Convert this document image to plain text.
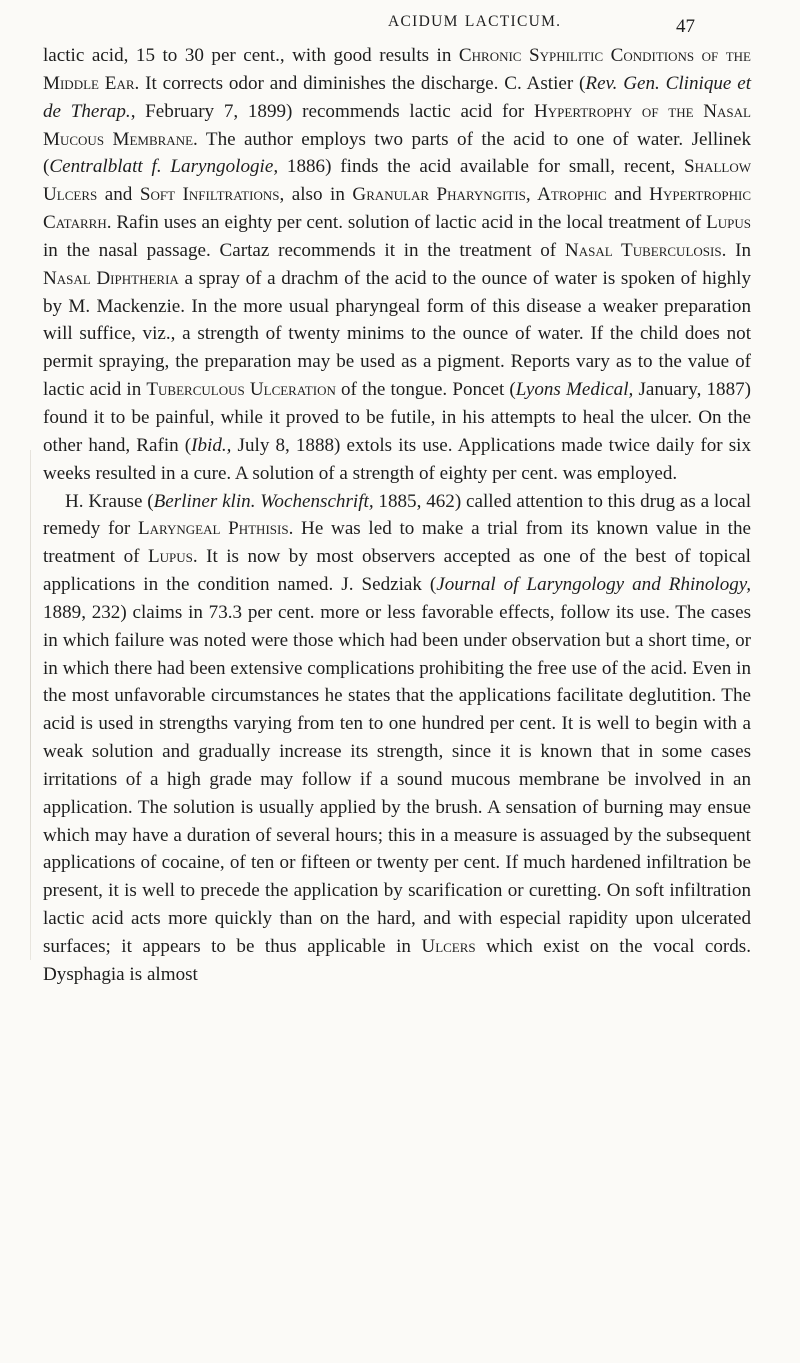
ACIDUM LACTICUM.	47

lactic acid, 15 to 30 per cent., with good results in Chronic Syphilitic Conditions of the Middle Ear. It corrects odor and diminishes the discharge. C. Astier (Rev. Gen. Clinique et de Therap., February 7, 1899) recommends lactic acid for Hypertrophy of the Nasal Mucous Membrane. The author employs two parts of the acid to one of water. Jellinek (Centralblatt f. Laryngologie, 1886) finds the acid available for small, recent, Shallow Ulcers and Soft Infiltrations, also in Granular Pharyngitis, Atrophic and Hypertrophic Catarrh. Rafin uses an eighty per cent. solution of lactic acid in the local treatment of Lupus in the nasal passage. Cartaz recommends it in the treatment of Nasal Tuberculosis. In Nasal Diphtheria a spray of a drachm of the acid to the ounce of water is spoken of highly by M. Mackenzie. In the more usual pharyngeal form of this disease a weaker preparation will suffice, viz., a strength of twenty minims to the ounce of water. If the child does not permit spraying, the preparation may be used as a pigment. Reports vary as to the value of lactic acid in Tuberculous Ulceration of the tongue. Poncet (Lyons Medical, January, 1887) found it to be painful, while it proved to be futile, in his attempts to heal the ulcer. On the other hand, Rafin (Ibid., July 8, 1888) extols its use. Applications made twice daily for six weeks resulted in a cure. A solution of a strength of eighty per cent. was employed.

H. Krause (Berliner klin. Wochenschrift, 1885, 462) called attention to this drug as a local remedy for Laryngeal Phthisis. He was led to make a trial from its known value in the treatment of Lupus. It is now by most observers accepted as one of the best of topical applications in the condition named. J. Sedziak (Journal of Laryngology and Rhinology, 1889, 232) claims in 73.3 per cent. more or less favorable effects, follow its use. The cases in which failure was noted were those which had been under observation but a short time, or in which there had been extensive complications prohibiting the free use of the acid. Even in the most unfavorable circumstances he states that the applications facilitate deglutition. The acid is used in strengths varying from ten to one hundred per cent. It is well to begin with a weak solution and gradually increase its strength, since it is known that in some cases irritations of a high grade may follow if a sound mucous membrane be involved in an application. The solution is usually applied by the brush. A sensation of burning may ensue which may have a duration of several hours; this in a measure is assuaged by the subsequent applications of cocaine, of ten or fifteen or twenty per cent. If much hardened infiltration be present, it is well to precede the application by scarification or curetting. On soft infiltration lactic acid acts more quickly than on the hard, and with especial rapidity upon ulcerated surfaces; it appears to be thus applicable in Ulcers which exist on the vocal cords. Dysphagia is almost
